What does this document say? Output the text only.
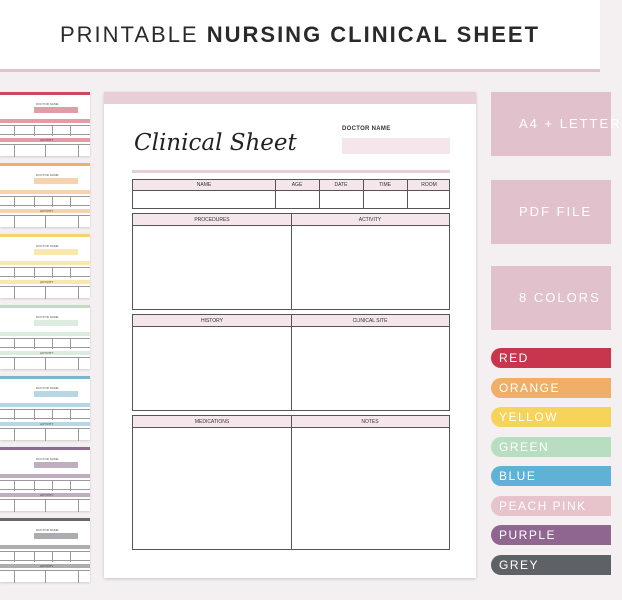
PRINTABLE NURSING CLINICAL SHEET
DOCTOR NAME
ACTIVITY
DOCTOR NAME
ACTIVITY
DOCTOR NAME
ACTIVITY
DOCTOR NAME
ACTIVITY
DOCTOR NAME
ACTIVITY
DOCTOR NAME
ACTIVITY
DOCTOR NAME
ACTIVITY
Clinical Sheet
DOCTOR NAME
NAME	AGE	DATE	TIME	ROOM
PROCEDURES	ACTIVITY
HISTORY	CLINICAL SITE
MEDICATIONS	NOTES
A4 + LETTER
PDF FILE
8 COLORS
RED
ORANGE
YELLOW
GREEN
BLUE
PEACH PINK
PURPLE
GREY
